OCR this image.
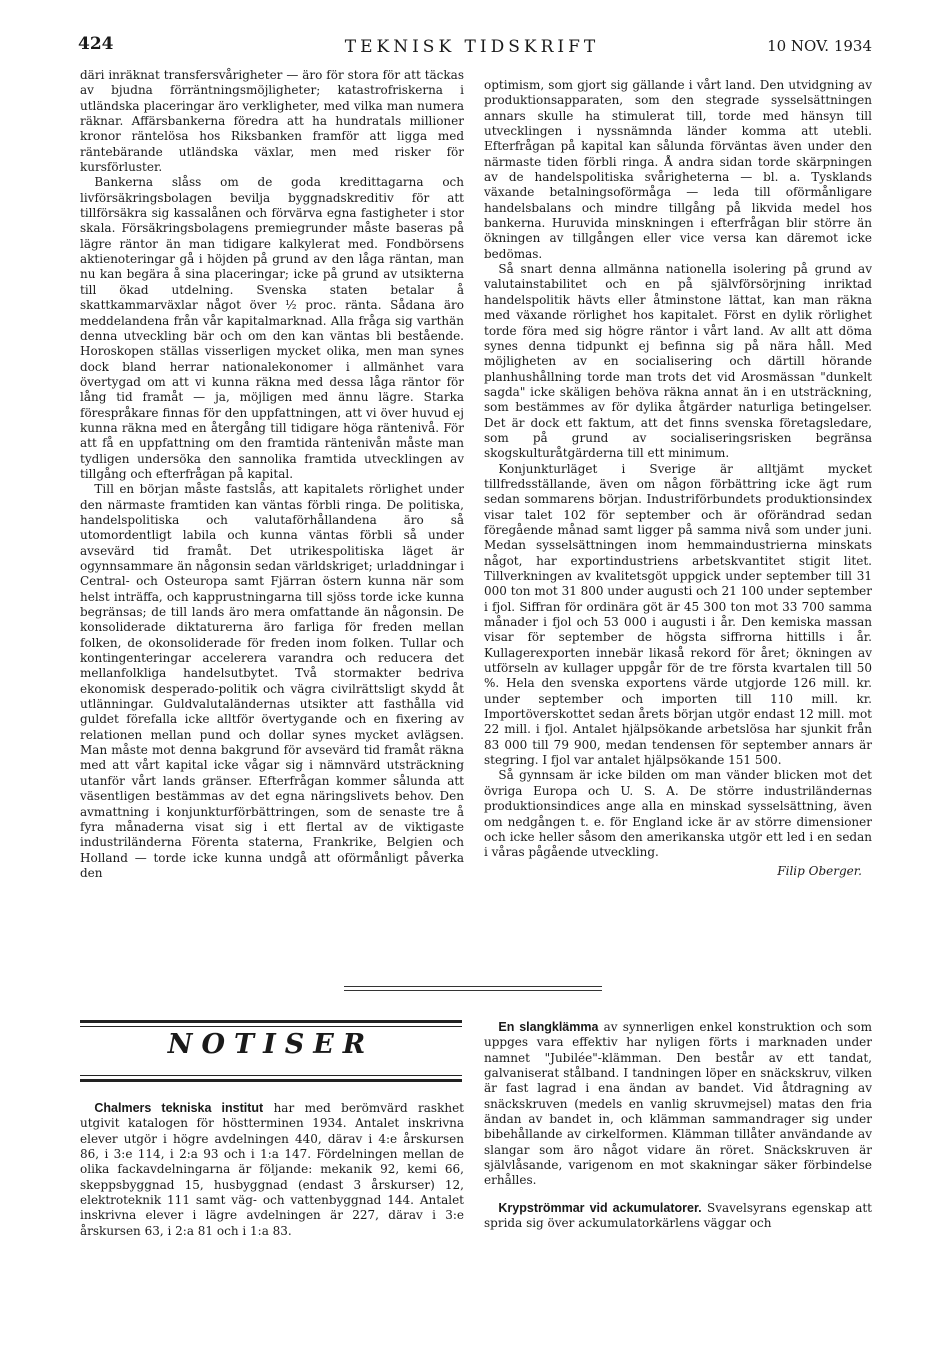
424	TEKNISK TIDSKRIFT	10 NOV. 1934

däri inräknat transfersvårigheter — äro för stora för att täckas av bjudna förräntningsmöjligheter; katastrofriskerna i utländska placeringar äro verkligheter, med vilka man numera räknar. Affärsbankerna föredra att ha hundratals millioner kronor räntelösa hos Riksbanken framför att ligga med räntebärande utländska växlar, men med risker för kursförluster.

Bankerna slåss om de goda kredittagarna och livförsäkringsbolagen bevilja byggnadskreditiv för att tillförsäkra sig kassalånen och förvärva egna fastigheter i stor skala. Försäkringsbolagens premiegrunder måste baseras på lägre räntor än man tidigare kalkylerat med. Fondbörsens aktienoteringar gå i höjden på grund av den låga räntan, man nu kan begära å sina placeringar; icke på grund av utsikterna till ökad utdelning. Svenska staten betalar å skattkammarväxlar något över ½ proc. ränta. Sådana äro meddelandena från vår kapitalmarknad. Alla fråga sig varthän denna utveckling bär och om den kan väntas bli bestående. Horoskopen ställas visserligen mycket olika, men man synes dock bland herrar nationalekonomer i allmänhet vara övertygad om att vi kunna räkna med dessa låga räntor för lång tid framåt — ja, möjligen med ännu lägre. Starka förespråkare finnas för den uppfattningen, att vi över huvud ej kunna räkna med en återgång till tidigare höga räntenivå. För att få en uppfattning om den framtida räntenivån måste man tydligen undersöka den sannolika framtida utvecklingen av tillgång och efterfrågan på kapital.

Till en början måste fastslås, att kapitalets rörlighet under den närmaste framtiden kan väntas förbli ringa. De politiska, handelspolitiska och valutaförhållandena äro så utomordentligt labila och kunna väntas förbli så under avsevärd tid framåt. Det utrikespolitiska läget är ogynnsammare än någonsin sedan världskriget; urladdningar i Central- och Osteuropa samt Fjärran östern kunna när som helst inträffa, och kapprustningarna till sjöss torde icke kunna begränsas; de till lands äro mera omfattande än någonsin. De konsoliderade diktaturerna äro farliga för freden mellan folken, de okonsoliderade för freden inom folken. Tullar och kontingenteringar accelerera varandra och reducera det mellanfolkliga handelsutbytet. Två stormakter bedriva ekonomisk desperado-politik och vägra civilrättsligt skydd åt utlänningar. Guldvalutaländernas utsikter att fasthålla vid guldet förefalla icke alltför övertygande och en fixering av relationen mellan pund och dollar synes mycket avlägsen. Man måste mot denna bakgrund för avsevärd tid framåt räkna med att vårt kapital icke vågar sig i nämnvärd utsträckning utanför vårt lands gränser. Efterfrågan kommer sålunda att väsentligen bestämmas av det egna näringslivets behov. Den avmattning i konjunkturförbättringen, som de senaste tre å fyra månaderna visat sig i ett flertal av de viktigaste industriländerna Förenta staterna, Frankrike, Belgien och Holland — torde icke kunna undgå att oförmånligt påverka den

optimism, som gjort sig gällande i vårt land. Den utvidgning av produktionsapparaten, som den stegrade sysselsättningen annars skulle ha stimulerat till, torde med hänsyn till utvecklingen i nyssnämnda länder komma att utebli. Efterfrågan på kapital kan sålunda förväntas även under den närmaste tiden förbli ringa. Å andra sidan torde skärpningen av de handelspolitiska svårigheterna — bl. a. Tysklands växande betalningsoförmåga — leda till oförmånligare handelsbalans och mindre tillgång på likvida medel hos bankerna. Huruvida minskningen i efterfrågan blir större än ökningen av tillgången eller vice versa kan däremot icke bedömas.

Så snart denna allmänna nationella isolering på grund av valutainstabilitet och en på självförsörjning inriktad handelspolitik hävts eller åtminstone lättat, kan man räkna med växande rörlighet hos kapitalet. Först en dylik rörlighet torde föra med sig högre räntor i vårt land. Av allt att döma synes denna tidpunkt ej befinna sig på nära håll. Med möjligheten av en socialisering och därtill hörande planhushållning torde man trots det vid Arosmässan "dunkelt sagda" icke skäligen behöva räkna annat än i en utsträckning, som bestämmes av för dylika åtgärder naturliga betingelser. Det är dock ett faktum, att det finns svenska företagsledare, som på grund av socialiseringsrisken begränsa skogskulturåtgärderna till ett minimum.

Konjunkturläget i Sverige är alltjämt mycket tillfredsställande, även om någon förbättring icke ägt rum sedan sommarens början. Industriförbundets produktionsindex visar talet 102 för september och är oförändrad sedan föregående månad samt ligger på samma nivå som under juni. Medan sysselsättningen inom hemmaindustrierna minskats något, har exportindustriens arbetskvantitet stigit litet. Tillverkningen av kvalitetsgöt uppgick under september till 31 000 ton mot 31 800 under augusti och 21 100 under september i fjol. Siffran för ordinära göt är 45 300 ton mot 33 700 samma månader i fjol och 53 000 i augusti i år. Den kemiska massan visar för september de högsta siffrorna hittills i år. Kullagerexporten innebär likaså rekord för året; ökningen av utförseln av kullager uppgår för de tre första kvartalen till 50 %. Hela den svenska exportens värde utgjorde 126 mill. kr. under september och importen till 110 mill. kr. Importöverskottet sedan årets början utgör endast 12 mill. mot 22 mill. i fjol. Antalet hjälpsökande arbetslösa har sjunkit från 83 000 till 79 900, medan tendensen för september annars är stegring. I fjol var antalet hjälpsökande 151 500.

Så gynnsam är icke bilden om man vänder blicken mot det övriga Europa och U. S. A. De större industriländernas produktionsindices ange alla en minskad sysselsättning, även om nedgången t. e. för England icke är av större dimensioner och icke heller såsom den amerikanska utgör ett led i en sedan i våras pågående utveckling.

Filip Oberger.
NOTISER

Chalmers tekniska institut har med berömvärd raskhet utgivit katalogen för höstterminen 1934. Antalet inskrivna elever utgör i högre avdelningen 440, därav i 4:e årskursen 86, i 3:e 114, i 2:a 93 och i 1:a 147. Fördelningen mellan de olika fackavdelningarna är följande: mekanik 92, kemi 66, skeppsbyggnad 15, husbyggnad (endast 3 årskurser) 12, elektroteknik 111 samt väg- och vattenbyggnad 144. Antalet inskrivna elever i lägre avdelningen är 227, därav i 3:e årskursen 63, i 2:a 81 och i 1:a 83.

En slangklämma av synnerligen enkel konstruktion och som uppges vara effektiv har nyligen förts i marknaden under namnet "Jubilée"-klämman. Den består av ett tandat, galvaniserat stålband. I tandningen löper en snäckskruv, vilken är fast lagrad i ena ändan av bandet. Vid åtdragning av snäckskruven (medels en vanlig skruvmejsel) matas den fria ändan av bandet in, och klämman sammandrager sig under bibehållande av cirkelformen. Klämman tillåter användande av slangar som äro något vidare än röret. Snäckskruven är självlåsande, varigenom en mot skakningar säker förbindelse erhålles.

Krypströmmar vid ackumulatorer. Svavelsyrans egenskap att sprida sig över ackumulatorkärlens väggar och
